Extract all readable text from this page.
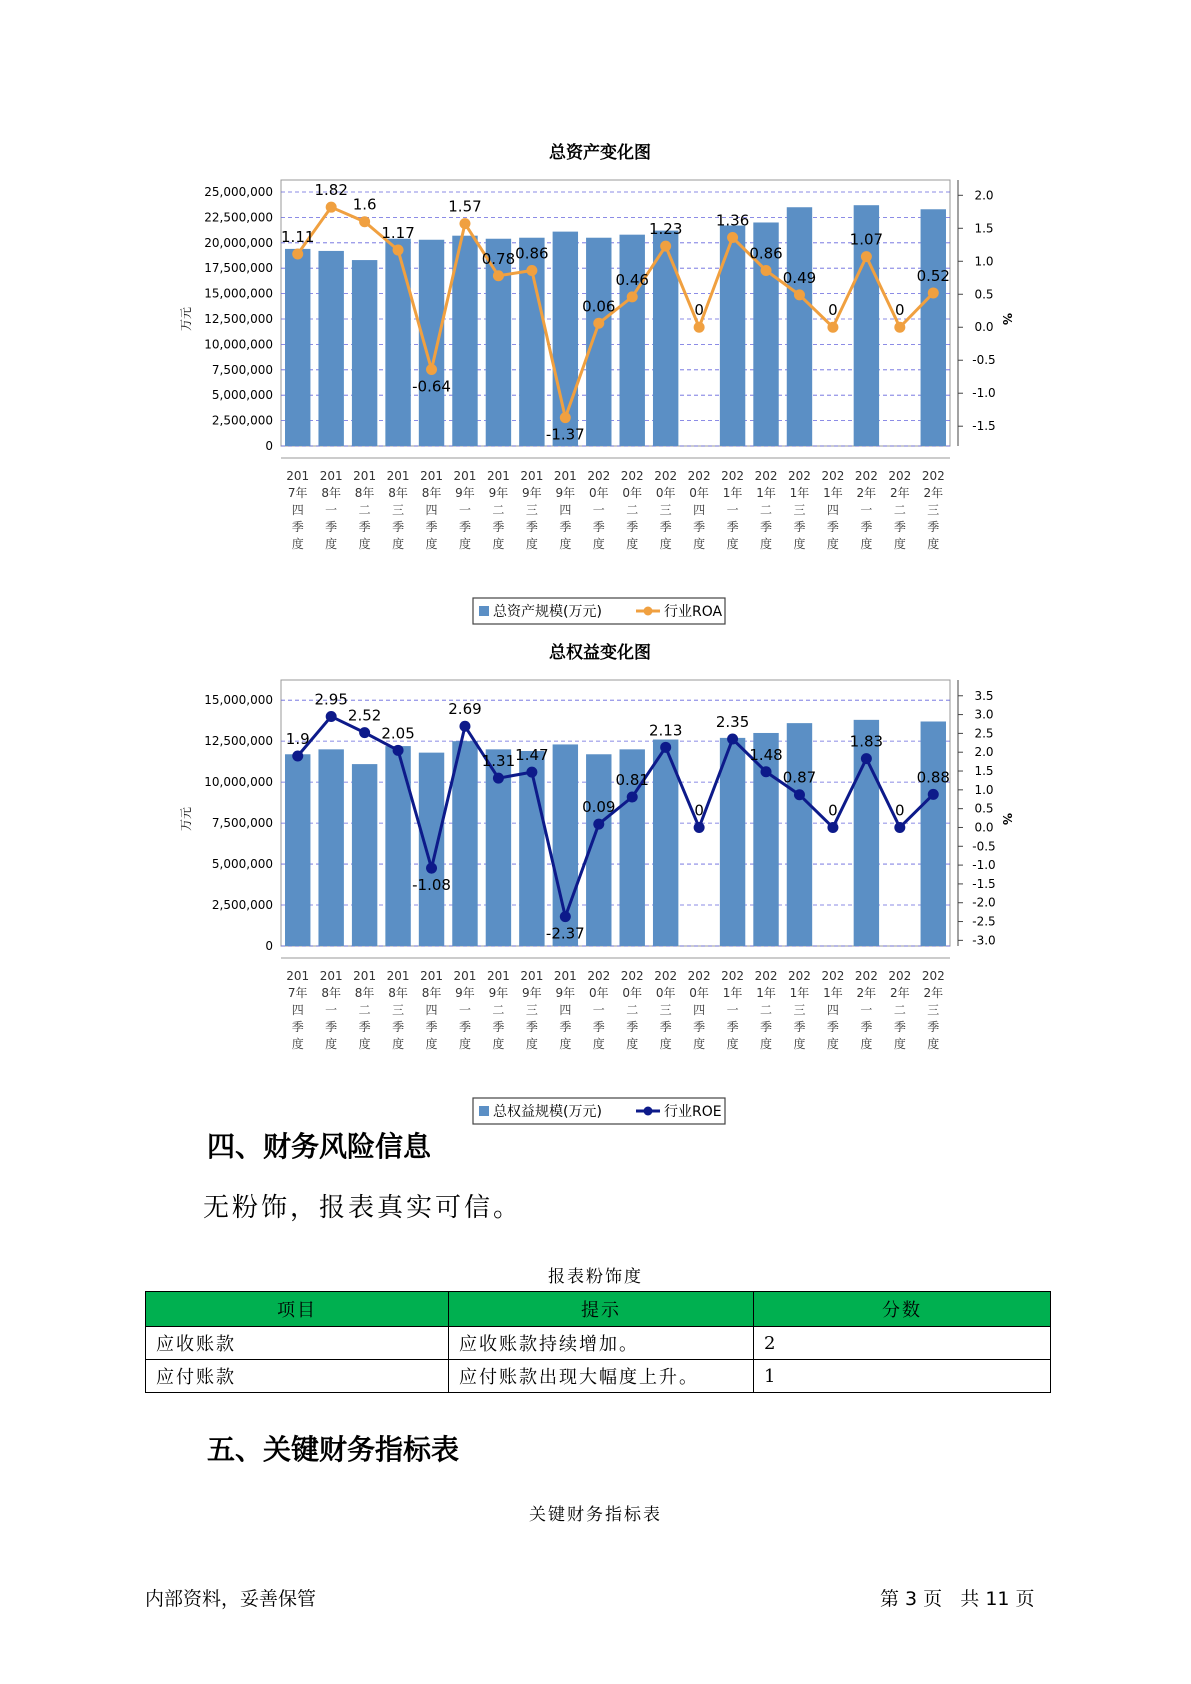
总资产变化图
0
2,500,000
5,000,000
7,500,000
10,000,000
12,500,000
15,000,000
17,500,000
20,000,000
22,500,000
25,000,000
-1.5
-1.0
-0.5
0.0
0.5
1.0
1.5
2.0
万元	%
201 7年四季度
201 8年一季度
201 8年二季度
201 8年三季度
201 8年四季度
201 9年一季度
201 9年二季度
201 9年三季度
201 9年四季度
202 0年一季度
202 0年二季度
202 0年三季度
202 0年四季度
202 1年一季度
202 1年二季度
202 1年三季度
202 1年四季度
202 2年一季度
202 2年二季度
202 2年三季度
1.11
1.82
1.6
1.17
-0.64
1.57
0.78 0.86
-1.37
0.06
0.46
1.23
0
1.36
0.86
0.49
0
1.07
0
0.52
总资产规模(万元)	行业ROA
总权益变化图
0
2,500,000
5,000,000
7,500,000
10,000,000
12,500,000
15,000,000
-3.0
-2.5
-2.0
-1.5
-1.0
-0.5
0.0
0.5
1.0
1.5
2.0
2.5
3.0
3.5
万元	%
201 7年四季度
201 8年一季度
201 8年二季度
201 8年三季度
201 8年四季度
201 9年一季度
201 9年二季度
201 9年三季度
201 9年四季度
202 0年一季度
202 0年二季度
202 0年三季度
202 0年四季度
202 1年一季度
202 1年二季度
202 1年三季度
202 1年四季度
202 2年一季度
202 2年二季度
202 2年三季度
1.9
2.95
2.52
2.05
-1.08
2.69
1.31 1.47
-2.37
0.09
0.81
2.13
0
2.35
1.48
0.87
0
1.83
0
0.88
总权益规模(万元)	行业ROE
四、财务风险信息
无粉饰，报表真实可信。
报表粉饰度
项目	提示	分数
应收账款	应收账款持续增加。	2
应付账款	应付账款出现大幅度上升。	1
五、关键财务指标表
关键财务指标表
内部资料，妥善保管	第 3 页   共 11 页
